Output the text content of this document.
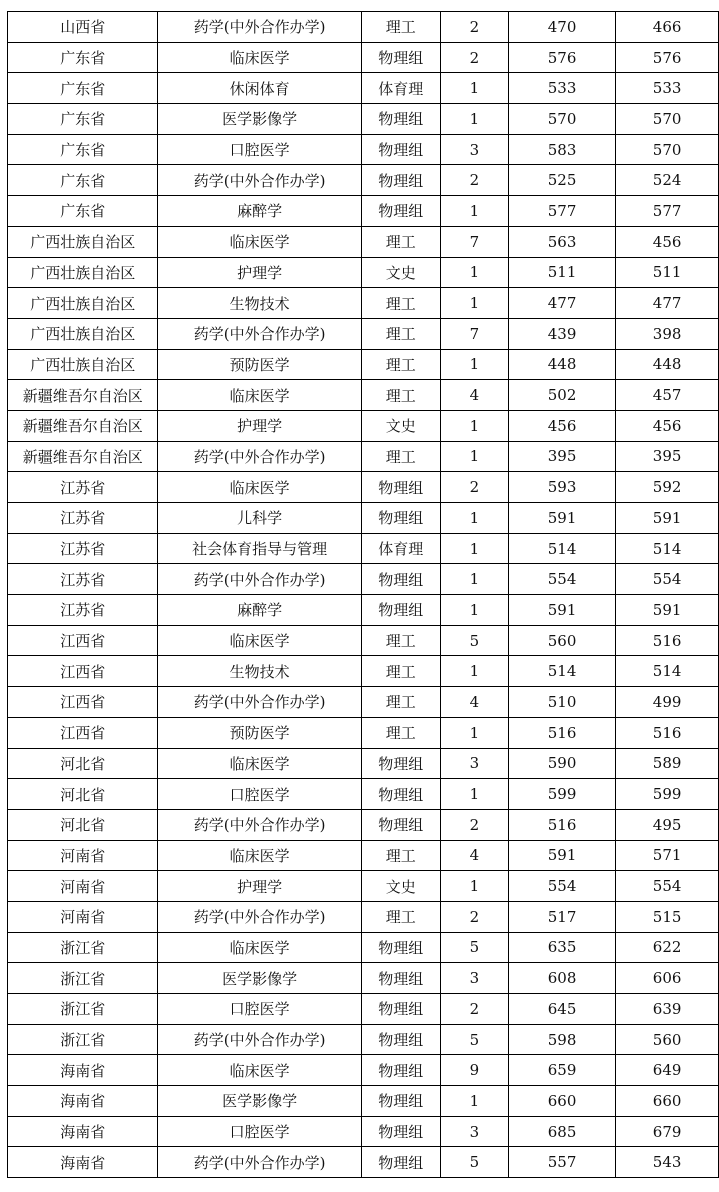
山西省	药学(中外合作办学)	理工	2	470	466
广东省	临床医学	物理组	2	576	576
广东省	休闲体育	体育理	1	533	533
广东省	医学影像学	物理组	1	570	570
广东省	口腔医学	物理组	3	583	570
广东省	药学(中外合作办学)	物理组	2	525	524
广东省	麻醉学	物理组	1	577	577
广西壮族自治区	临床医学	理工	7	563	456
广西壮族自治区	护理学	文史	1	511	511
广西壮族自治区	生物技术	理工	1	477	477
广西壮族自治区	药学(中外合作办学)	理工	7	439	398
广西壮族自治区	预防医学	理工	1	448	448
新疆维吾尔自治区	临床医学	理工	4	502	457
新疆维吾尔自治区	护理学	文史	1	456	456
新疆维吾尔自治区	药学(中外合作办学)	理工	1	395	395
江苏省	临床医学	物理组	2	593	592
江苏省	儿科学	物理组	1	591	591
江苏省	社会体育指导与管理	体育理	1	514	514
江苏省	药学(中外合作办学)	物理组	1	554	554
江苏省	麻醉学	物理组	1	591	591
江西省	临床医学	理工	5	560	516
江西省	生物技术	理工	1	514	514
江西省	药学(中外合作办学)	理工	4	510	499
江西省	预防医学	理工	1	516	516
河北省	临床医学	物理组	3	590	589
河北省	口腔医学	物理组	1	599	599
河北省	药学(中外合作办学)	物理组	2	516	495
河南省	临床医学	理工	4	591	571
河南省	护理学	文史	1	554	554
河南省	药学(中外合作办学)	理工	2	517	515
浙江省	临床医学	物理组	5	635	622
浙江省	医学影像学	物理组	3	608	606
浙江省	口腔医学	物理组	2	645	639
浙江省	药学(中外合作办学)	物理组	5	598	560
海南省	临床医学	物理组	9	659	649
海南省	医学影像学	物理组	1	660	660
海南省	口腔医学	物理组	3	685	679
海南省	药学(中外合作办学)	物理组	5	557	543
